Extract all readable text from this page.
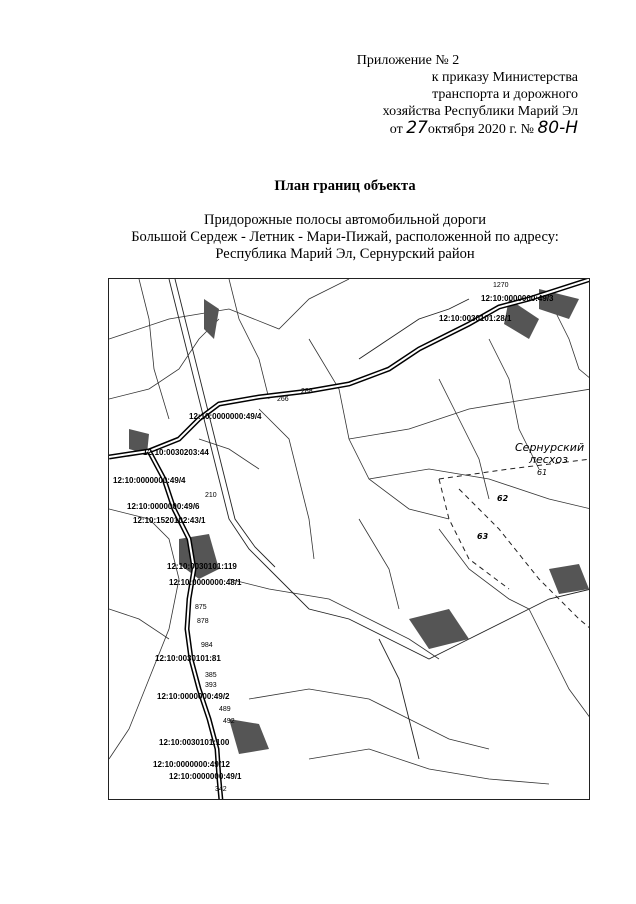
Приложение № 2
к приказу Министерства
транспорта и дорожного
хозяйства Республики Марий Эл
от 27октября 2020 г. № 80-Н
План границ объекта
Придорожные полосы автомобильной дороги
Большой Сердеж - Летник - Мари-Пижай, расположенной по адресу:
Республика Марий Эл, Сернурский район
12:10:0000000:49/3
12:10:0030101:28/1
12:10:0000000:49/4
12:10:0030203:44
12:10:0000000:49/4
12:10:0000000:49/6
12:10:1520102:43/1
12:10:0030101:119
12:10:0000000:48/1
12:10:0030101:81
12:10:0000000:49/2
12:10:0030101:100
12:10:0000000:49/12
12:10:0000000:49/1
288
266
210
875
878
984
385
393
489
492
342
1270
Сернурский
лесхоз
61
62
63
